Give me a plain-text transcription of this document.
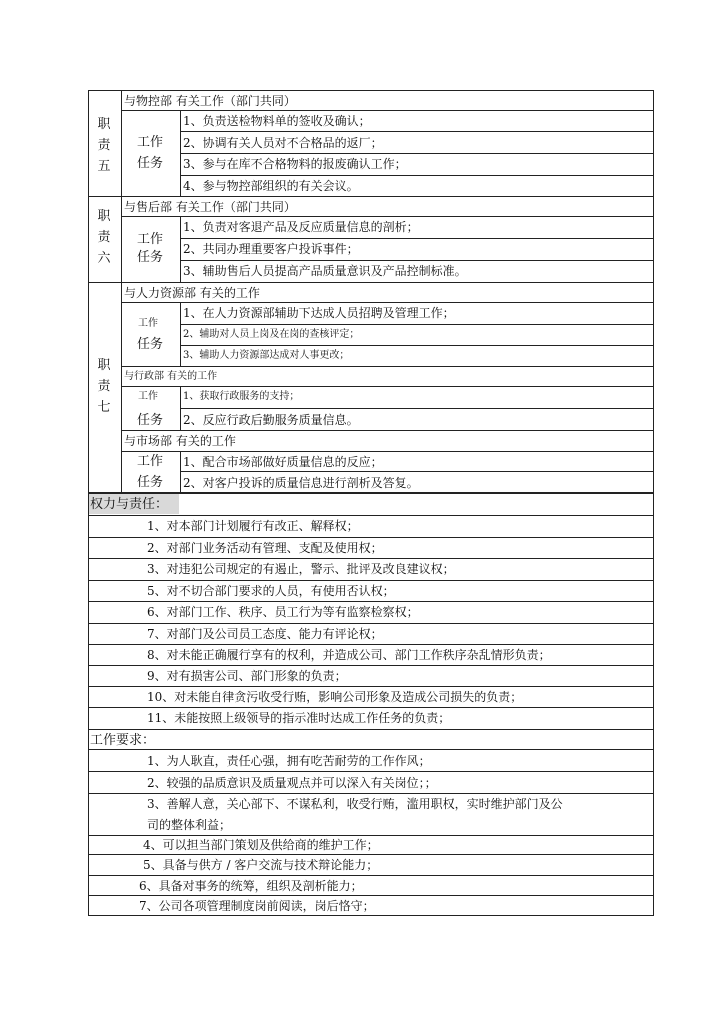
职
责
五
与物控部 有关工作（部门共同）
工作
任务
1、负责送检物料单的签收及确认；
2、协调有关人员对不合格品的返厂；
3、参与在库不合格物料的报废确认工作；
4、参与物控部组织的有关会议。
职
责
六
与售后部 有关工作（部门共同）
工作
任务
1、负责对客退产品及反应质量信息的剖析；
2、共同办理重要客户投诉事件；
3、辅助售后人员提高产品质量意识及产品控制标准。
职
责
七
与人力资源部 有关的工作
工作
任务
1、在人力资源部辅助下达成人员招聘及管理工作；
2、辅助对人员上岗及在岗的查核评定；
3、辅助人力资源部达成对人事更改；
与行政部 有关的工作
工作
任务
1、获取行政服务的支持；
2、反应行政后勤服务质量信息。
与市场部 有关的工作
工作
任务
1、配合市场部做好质量信息的反应；
2、对客户投诉的质量信息进行剖析及答复。
权力与责任：
1、对本部门计划履行有改正、解释权；
2、对部门业务活动有管理、支配及使用权；
3、对违犯公司规定的有遏止，警示、批评及改良建议权；
5、对不切合部门要求的人员，有使用否认权；
6、对部门工作、秩序、员工行为等有监察检察权；
7、对部门及公司员工态度、能力有评论权；
8、对未能正确履行享有的权利，并造成公司、部门工作秩序杂乱情形负责；
9、对有损害公司、部门形象的负责；
10、对未能自律贪污收受行贿，影响公司形象及造成公司损失的负责；
11、未能按照上级领导的指示准时达成工作任务的负责；
工作要求：
1、为人耿直，责任心强，拥有吃苦耐劳的工作作风；
2、较强的品质意识及质量观点并可以深入有关岗位；；
3、善解人意，关心部下、不谋私利，收受行贿，滥用职权，实时维护部门及公
司的整体利益；
4、可以担当部门策划及供给商的维护工作；
5、具备与供方 / 客户交流与技术辩论能力；
6、具备对事务的统筹，组织及剖析能力；
7、公司各项管理制度岗前阅读，岗后恪守；
